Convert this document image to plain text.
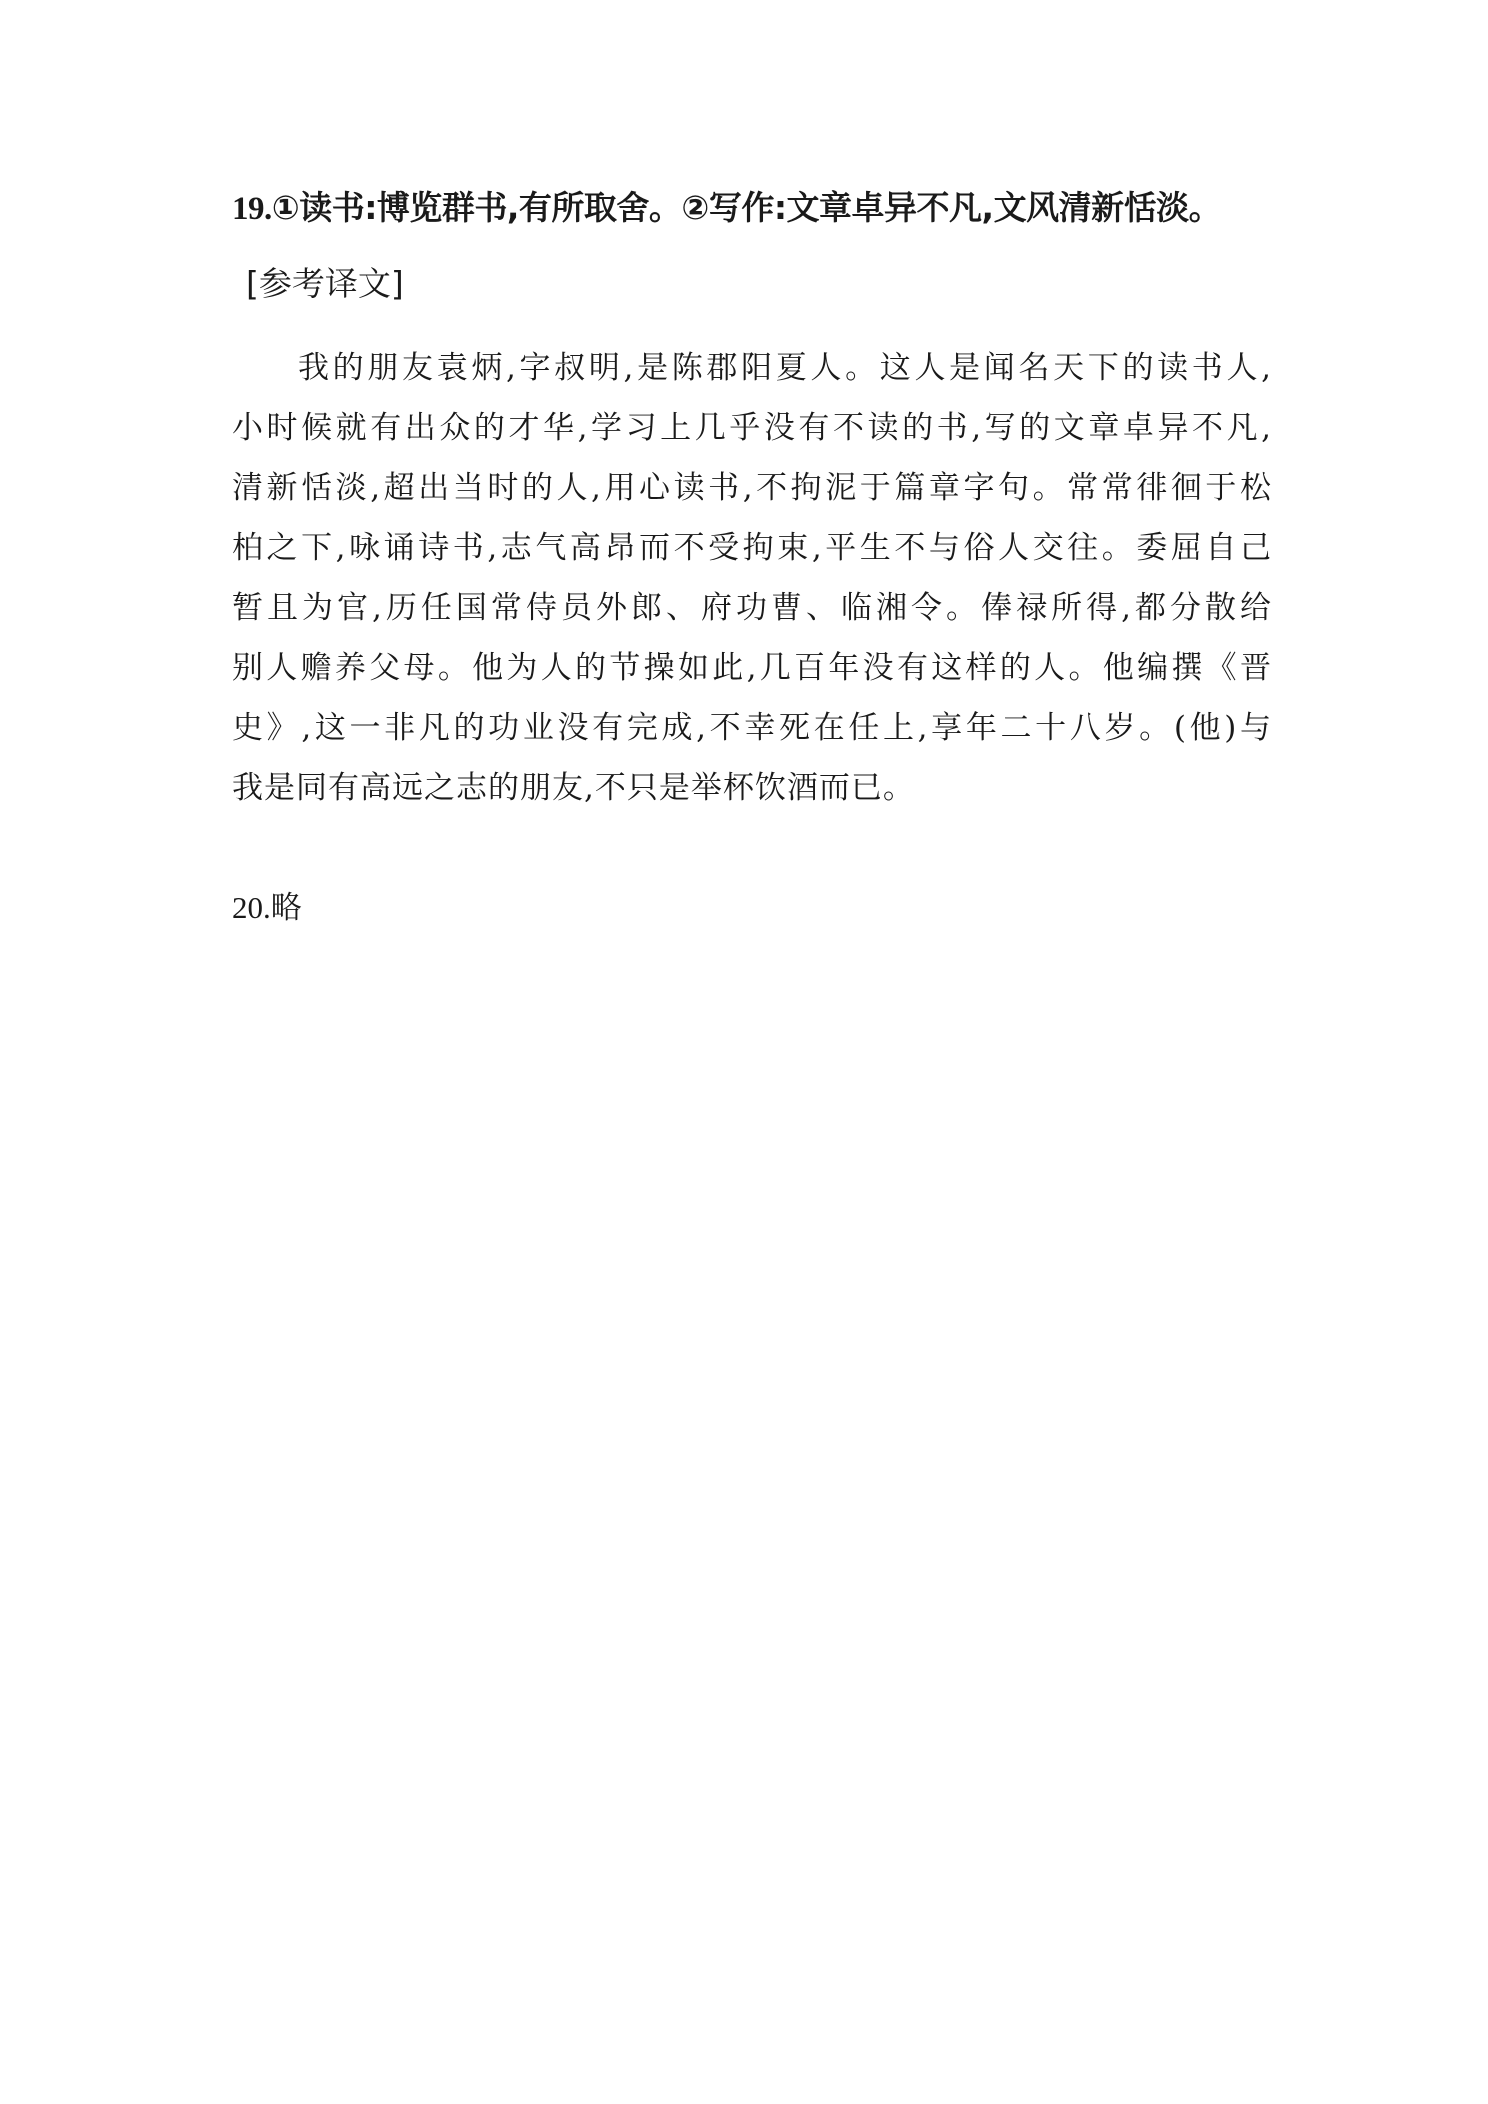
19.①读书:博览群书,有所取舍。②写作:文章卓异不凡,文风清新恬淡。
[参考译文]
我的朋友袁炳,字叔明,是陈郡阳夏人。这人是闻名天下的读书人,
小时候就有出众的才华,学习上几乎没有不读的书,写的文章卓异不凡,
清新恬淡,超出当时的人,用心读书,不拘泥于篇章字句。常常徘徊于松
柏之下,咏诵诗书,志气高昂而不受拘束,平生不与俗人交往。委屈自己
暂且为官,历任国常侍员外郎、府功曹、临湘令。俸禄所得,都分散给
别人赡养父母。他为人的节操如此,几百年没有这样的人。他编撰《晋
史》,这一非凡的功业没有完成,不幸死在任上,享年二十八岁。(他)与
我是同有高远之志的朋友,不只是举杯饮酒而已。
20.略
